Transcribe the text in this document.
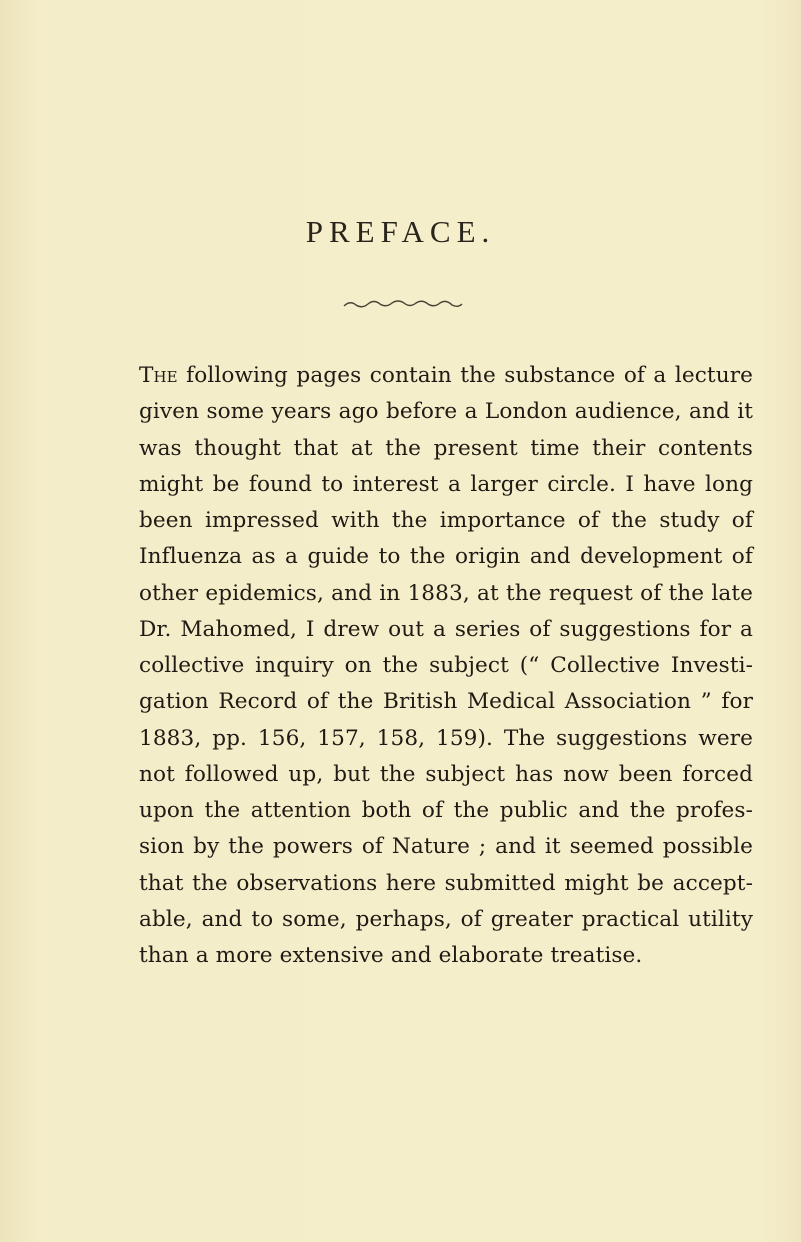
PREFACE.
The following pages contain the substance of a lecture
given some years ago before a London audience, and it
was thought that at the present time their contents
might be found to interest a larger circle. I have long
been impressed with the importance of the study of
Influenza as a guide to the origin and development of
other epidemics, and in 1883, at the request of the late
Dr. Mahomed, I drew out a series of suggestions for a
collective inquiry on the subject (“ Collective Investi-
gation Record of the British Medical Association ” for
1883, pp. 156, 157, 158, 159). The suggestions were
not followed up, but the subject has now been forced
upon the attention both of the public and the profes-
sion by the powers of Nature ; and it seemed possible
that the observations here submitted might be accept-
able, and to some, perhaps, of greater practical utility
than a more extensive and elaborate treatise.
